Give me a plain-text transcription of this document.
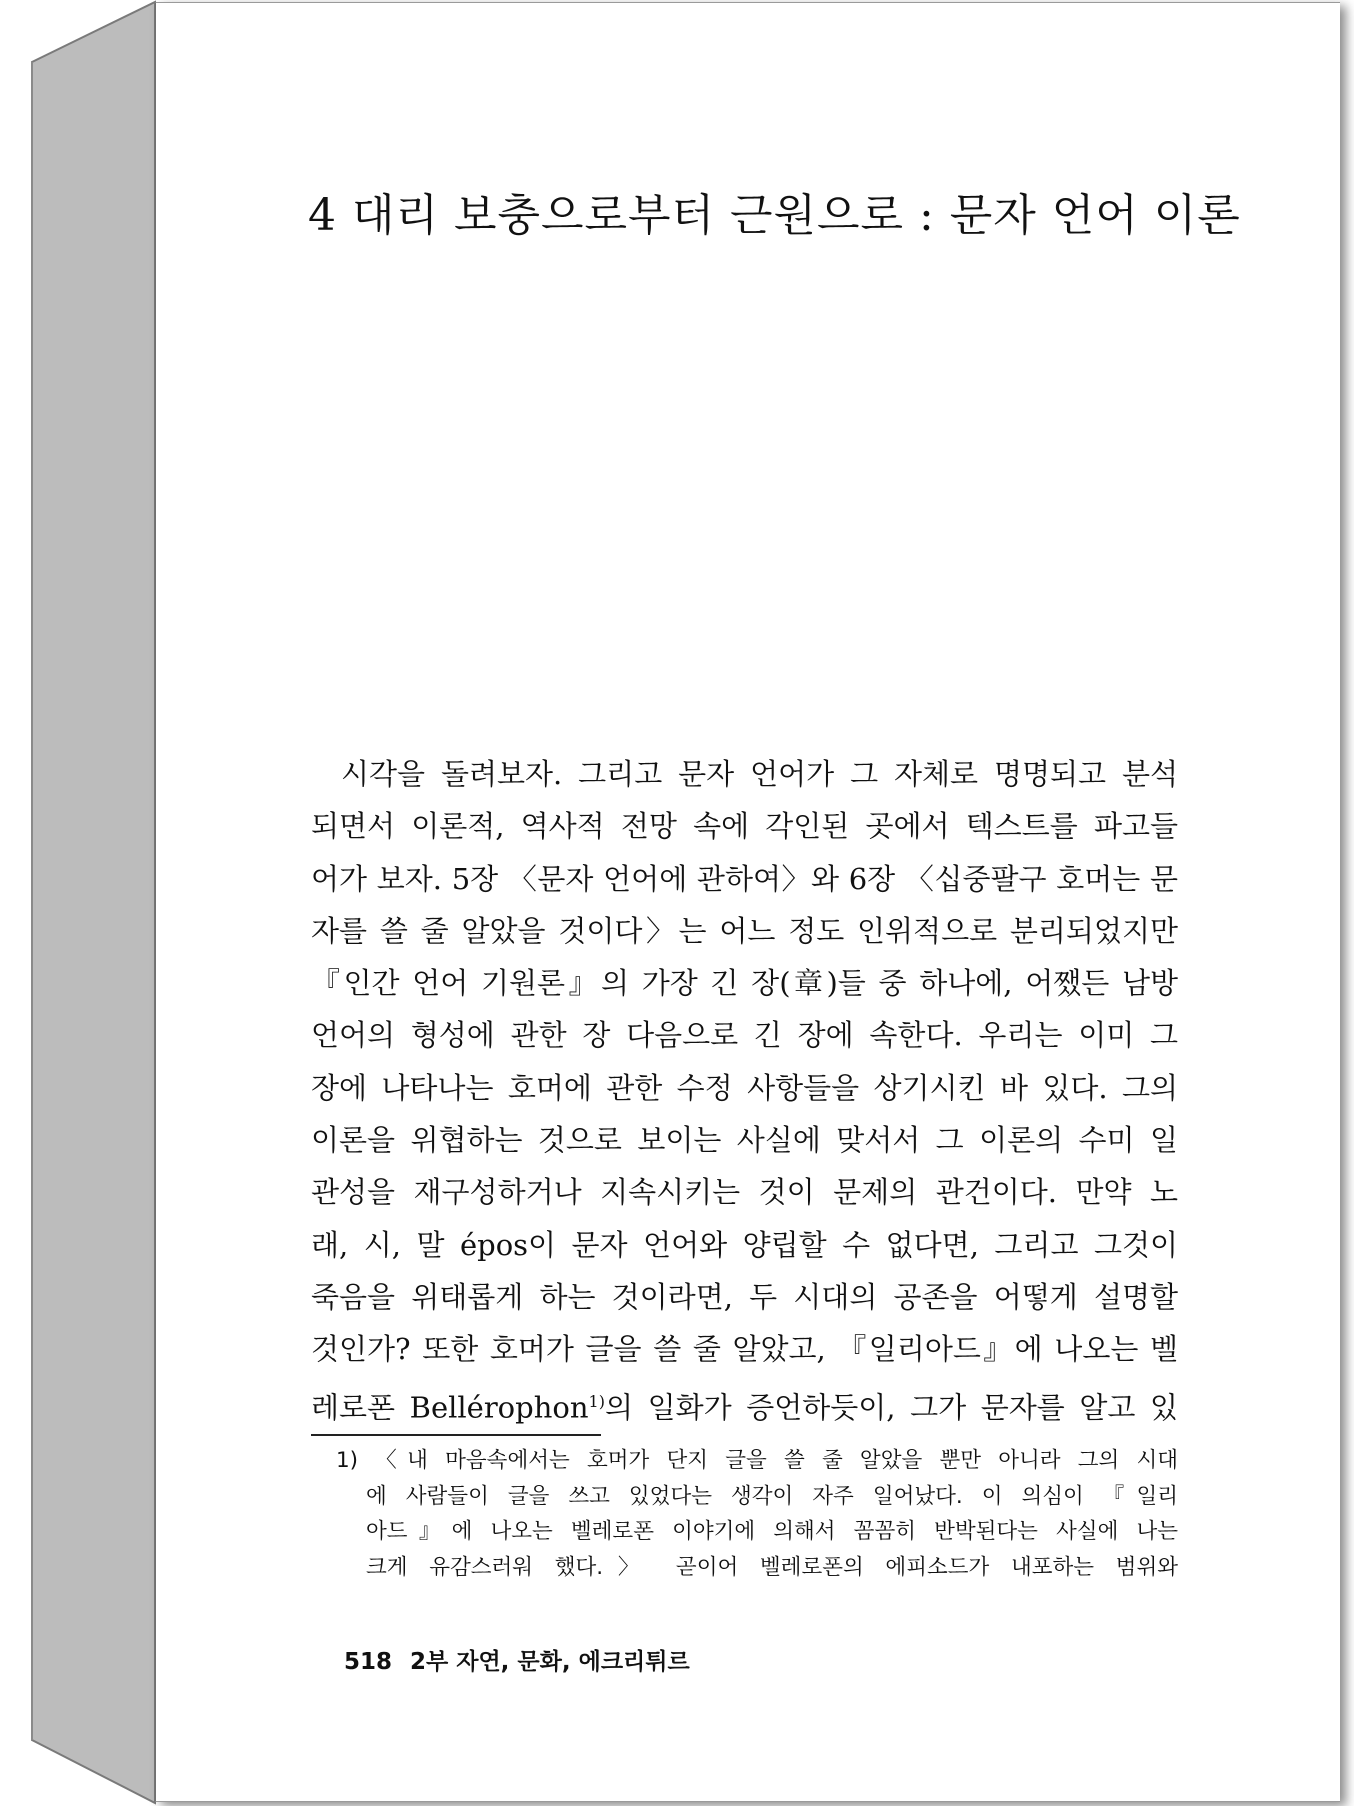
4 대리 보충으로부터 근원으로 : 문자 언어 이론
시각을 돌려보자. 그리고 문자 언어가 그 자체로 명명되고 분석
되면서 이론적, 역사적 전망 속에 각인된 곳에서 텍스트를 파고들
어가 보자. 5장 〈문자 언어에 관하여〉와 6장 〈십중팔구 호머는 문
자를 쓸 줄 알았을 것이다〉는 어느 정도 인위적으로 분리되었지만
『인간 언어 기원론』의 가장 긴 장(章)들 중 하나에, 어쨌든 남방
언어의 형성에 관한 장 다음으로 긴 장에 속한다. 우리는 이미 그
장에 나타나는 호머에 관한 수정 사항들을 상기시킨 바 있다. 그의
이론을 위협하는 것으로 보이는 사실에 맞서서 그 이론의 수미 일
관성을 재구성하거나 지속시키는 것이 문제의 관건이다. 만약 노
래, 시, 말 épos이 문자 언어와 양립할 수 없다면, 그리고 그것이
죽음을 위태롭게 하는 것이라면, 두 시대의 공존을 어떻게 설명할
것인가? 또한 호머가 글을 쓸 줄 알았고, 『일리아드』에 나오는 벨
레로폰 Bellérophon$^{1)}$의 일화가 증언하듯이, 그가 문자를 알고 있
1) 〈내 마음속에서는 호머가 단지 글을 쓸 줄 알았을 뿐만 아니라 그의 시대
에 사람들이 글을 쓰고 있었다는 생각이 자주 일어났다. 이 의심이 『일리
아드』에 나오는 벨레로폰 이야기에 의해서 꼼꼼히 반박된다는 사실에 나는
크게 유감스러워 했다.〉 곧이어 벨레로폰의 에피소드가 내포하는 범위와
518 2부 자연, 문화, 에크리튀르
